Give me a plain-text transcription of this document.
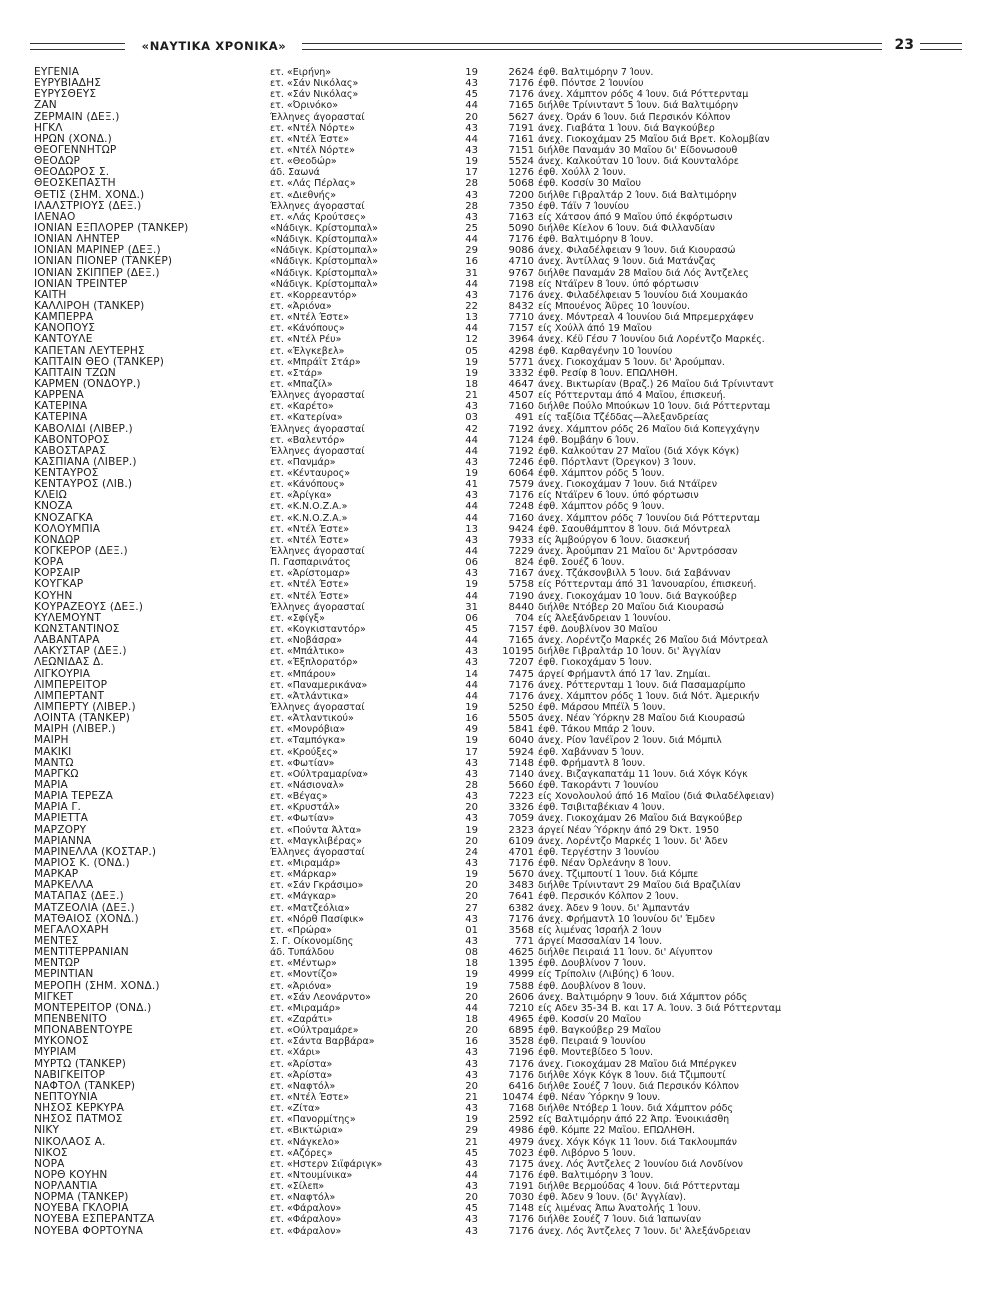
«ΝΑΥΤΙΚΑ ΧΡΟΝΙΚΑ»	23
ΕΥΓΕΝΙΑ	ετ. «Ειρήνη»	19	2624 έφθ. Βαλτιμόρην 7 Ίουν.
ΕΥΡΥΒΙΑΔΗΣ	ετ. «Σάν Νικόλας»	43	7176 έφθ. Πόντσε 2 Ίουνίου
ΕΥΡΥΣΘΕΥΣ	ετ. «Σάν Νικόλας»	45	7176 άνεχ. Χάμπτον ρόδς 4 Ίουν. διά Ρόττερνταμ
ΖΑΝ	ετ. «Όρινόκο»	44	7165 διήλθε Τρίνινταντ 5 Ίουν. διά Βαλτιμόρην
ΖΕΡΜΑΙΝ (ΔΕΞ.)	Έλληνες άγορασταί	20	5627 άνεχ. Όράν 6 Ίουν. διά Περσικόν Κόλπον
ΗΓΚΛ	ετ. «Ντέλ Νόρτε»	43	7191 άνεχ. Γιαβάτα 1 Ίουν. διά Βαγκούβερ
ΗΡΩΝ (ΧΟΝΔ.)	ετ. «Ντέλ Έστε»	44	7161 άνεχ. Γιοκοχάμαν 25 Μαΐου διά Βρετ. Κολομβίαν
ΘΕΟΓΕΝΝΗΤΩΡ	ετ. «Ντέλ Νόρτε»	43	7151 διήλθε Παναμάν 30 Μαΐου δι' Είδονωσουθ
ΘΕΟΔΩΡ	ετ. «Θεοδώρ»	19	5524 άνεχ. Καλκούταν 10 Ίουν. διά Κουνταλόρε
ΘΕΟΔΩΡΟΣ Σ.	άδ. Σαωνά	17	1276 έφθ. Χούλλ 2 Ίουν.
ΘΕΟΣΚΕΠΑΣΤΗ	ετ. «Λάς Πέρλας»	28	5068 έφθ. Κοσσίν 30 Μαΐου
ΘΕΤΙΣ (ΣΗΜ. ΧΟΝΔ.)	ετ. «Διεθνής»	43	7200 διήλθε Γιβραλτάρ 2 Ίουν. διά Βαλτιμόρην
ΙΛΑΛΣΤΡΙΟΥΣ (ΔΕΞ.)	Έλληνες άγορασταί	28	7350 έφθ. Τάϊν 7 Ίουνίου
ΙΛΕΝΑΟ	ετ. «Λάς Κρούτσες»	43	7163 είς Χάτσον άπό 9 Μαΐου ύπό έκφόρτωσιν
ΙΟΝΙΑΝ ΕΞΠΛΟΡΕΡ (ΤΆΝΚΕΡ)	«Νάδιγκ. Κρίστομπαλ»	25	5090 διήλθε Κίελον 6 Ίουν. διά Φιλλανδίαν
ΙΟΝΙΑΝ ΛΗΝΤΕΡ	«Νάδιγκ. Κρίστομπαλ»	44	7176 έφθ. Βαλτιμόρην 8 Ίουν.
ΙΟΝΙΑΝ ΜΑΡΙΝΕΡ (ΔΕΞ.)	«Νάδιγκ. Κρίστομπαλ»	29	9086 άνεχ. Φιλαδέλφειαν 9 Ίουν. διά Κιουρασώ
ΙΟΝΙΑΝ ΠΙΟΝΕΡ (ΤΆΝΚΕΡ)	«Νάδιγκ. Κρίστομπαλ»	16	4710 άνεχ. Άντίλλας 9 Ίουν. διά Ματάνζας
ΙΟΝΙΑΝ ΣΚΙΠΠΕΡ (ΔΕΞ.)	«Νάδιγκ. Κρίστομπαλ»	31	9767 διήλθε Παναμάν 28 Μαΐου διά Λός Άντζελες
ΙΟΝΙΑΝ ΤΡΕΪΝΤΕΡ	«Νάδιγκ. Κρίστομπαλ»	44	7198 είς Ντάϊρεν 8 Ίουν. ύπό φόρτωσιν
ΚΑΙΤΗ	ετ. «Κορρεαντόρ»	43	7176 άνεχ. Φιλαδέλφειαν 5 Ίουνίου διά Χουμακάο
ΚΑΛΛΙΡΟΗ (ΤΆΝΚΕΡ)	ετ. «Άριόνα»	22	8432 είς Μπουένος Άϋρες 10 Ίουνίου.
ΚΑΜΠΕΡΡΑ	ετ. «Ντέλ Έστε»	13	7710 άνεχ. Μόντρεαλ 4 Ίουνίου διά Μπρεμερχάφεν
ΚΑΝΟΠΟΥΣ	ετ. «Κάνόπους»	44	7157 είς Χούλλ άπό 19 Μαΐου
ΚΑΝΤΟΥΛΕ	ετ. «Ντέλ Ρέυ»	12	3964 άνεχ. Κέϋ Γέσυ 7 Ίουνίου διά Λορέντζο Μαρκές.
ΚΑΠΕΤΑΝ ΛΕΥΤΕΡΗΣ	ετ. «Έλγκεβελ»	05	4298 έφθ. Καρθαγένην 10 Ίουνίου
ΚΑΠΤΑΙΝ ΘΕΟ (ΤΆΝΚΕΡ)	ετ. «Μπράϊτ Στάρ»	19	5771 άνεχ. Γιοκοχάμαν 5 Ίουν. δι' Άρούμπαν.
ΚΑΠΤΑΙΝ ΤΖΩΝ	ετ. «Στάρ»	19	3332 έφθ. Ρεσίφ 8 Ίουν. ΕΠΩΛΗΘΗ.
ΚΑΡΜΕΝ (ΌΝΔΟΥΡ.)	ετ. «Μπαζίλ»	18	4647 άνεχ. Βικτωρίαν (Βραζ.) 26 Μαΐου διά Τρίνινταντ
ΚΑΡΡΕΝΑ	Έλληνες άγορασταί	21	4507 είς Ρόττερνταμ άπό 4 Μαΐου, έπισκευή.
ΚΑΤΕΡΙΝΑ	ετ. «Καρέτο»	43	7160 διήλθε Πούλο Μπούκων 10 Ίουν. διά Ρόττερνταμ
ΚΑΤΕΡΙΝΑ	ετ. «Κατερίνα»	03	491 είς ταξίδια Τζέδδας—Άλεξανδρείας
ΚΑΒΟΛΙΔΙ (ΛΙΒΕΡ.)	Έλληνες άγορασταί	42	7192 άνεχ. Χάμπτον ρόδς 26 Μαΐου διά Κοπεγχάγην
ΚΑΒΟΝΤΟΡΟΣ	ετ. «Βαλεντόρ»	44	7124 έφθ. Βομβάην 6 Ίουν.
ΚΑΒΟΣΤΑΡΑΣ	Έλληνες άγορασταί	44	7192 έφθ. Καλκούταν 27 Μαΐου (διά Χόγκ Κόγκ)
ΚΑΣΠΙΑΝΑ (ΛΙΒΕΡ.)	ετ. «Πανμάρ»	43	7246 έφθ. Πόρτλαντ (Όρεγκον) 3 Ίουν.
ΚΕΝΤΑΥΡΟΣ	ετ. «Κένταυρος»	19	6064 έφθ. Χάμπτον ρόδς 5 Ίουν.
ΚΕΝΤΑΥΡΟΣ (ΛΙΒ.)	ετ. «Κάνόπους»	41	7579 άνεχ. Γιοκοχάμαν 7 Ίουν. διά Ντάϊρεν
ΚΛΕΙΩ	ετ. «Άρίγκα»	43	7176 είς Ντάϊρεν 6 Ίουν. ύπό φόρτωσιν
ΚΝΟΖΑ	ετ. «Κ.Ν.Ο.Ζ.Α.»	44	7248 έφθ. Χάμπτον ρόδς 9 Ίουν.
ΚΝΟΖΑΓΚΑ	ετ. «Κ.Ν.Ο.Ζ.Α.»	44	7160 άνεχ. Χάμπτον ρόδς 7 Ίουνίου διά Ρόττερνταμ
ΚΟΛΟΥΜΠΙΑ	ετ. «Ντέλ Έστε»	13	9424 έφθ. Σαουθάμπτον 8 Ίουν. διά Μόντρεαλ
ΚΟΝΔΩΡ	ετ. «Ντέλ Έστε»	43	7933 είς Άμβούργον 6 Ίουν. διασκευή
ΚΟΓΚΕΡΟΡ (ΔΕΞ.)	Έλληνες άγορασταί	44	7229 άνεχ. Άρούμπαν 21 Μαΐου δι' Άρντρόσσαν
ΚΟΡΑ	Π. Γασπαρινάτος	06	824 έφθ. Σουέζ 6 Ίουν.
ΚΟΡΣΑΪΡ	ετ. «Άρίστομαρ»	43	7167 άνεχ. Τζάκσονβιλλ 5 Ίουν. διά Σαβάνναν
ΚΟΥΓΚΑΡ	ετ. «Ντέλ Έστε»	19	5758 είς Ρόττερνταμ άπό 31 Ίανουαρίου, έπισκευή.
ΚΟΥΗΝ	ετ. «Ντέλ Έστε»	44	7190 άνεχ. Γιοκοχάμαν 10 Ίουν. διά Βαγκούβερ
ΚΟΥΡΑΖΕΟΥΣ (ΔΕΞ.)	Έλληνες άγορασταί	31	8440 διήλθε Ντόβερ 20 Μαΐου διά Κιουρασώ
ΚΥΛΕΜΟΥΝΤ	ετ. «Σφίγξ»	06	704 είς Άλεξάνδρειαν 1 Ίουνίου.
ΚΩΝΣΤΑΝΤΙΝΟΣ	ετ. «Κογκισταντόρ»	45	7157 έφθ. Δουβλίνον 30 Μαΐου
ΛΑΒΑΝΤΑΡΑ	ετ. «Νοβάσρα»	44	7165 άνεχ. Λορέντζο Μαρκές 26 Μαΐου διά Μόντρεαλ
ΛΑΚΥΣΤΑΡ (ΔΕΞ.)	ετ. «Μπάλτικο»	43	10195 διήλθε Γιβραλτάρ 10 Ίουν. δι' Άγγλίαν
ΛΕΩΝΙΔΑΣ Δ.	ετ. «Έξπλορατόρ»	43	7207 έφθ. Γιοκοχάμαν 5 Ίουν.
ΛΙΓΚΟΥΡΙΑ	ετ. «Μπάρου»	14	7475 άργεί Φρήμαντλ άπό 17 Ίαν. Ζημίαι.
ΛΙΜΠΕΡΕΪΤΟΡ	ετ. «Παναμερικάνα»	44	7176 άνεχ. Ρόττερνταμ 1 Ίουν. διά Πασαμαρίμπο
ΛΙΜΠΕΡΤΑΝΤ	ετ. «Άτλάντικα»	44	7176 άνεχ. Χάμπτον ρόδς 1 Ίουν. διά Νότ. Άμερικήν
ΛΙΜΠΕΡΤΥ (ΛΙΒΕΡ.)	Έλληνες άγορασταί	19	5250 έφθ. Μάρσου Μπέϊλ 5 Ίουν.
ΛΟΪΝΤΑ (ΤΆΝΚΕΡ)	ετ. «Άτλαντικού»	16	5505 άνεχ. Νέαν Ύόρκην 28 Μαΐου διά Κιουρασώ
ΜΑΙΡΗ (ΛΙΒΕΡ.)	ετ. «Μονρόβια»	49	5841 έφθ. Τάκου Μπάρ 2 Ίουν.
ΜΑΙΡΗ	ετ. «Ταμπόγκα»	19	6040 άνεχ. Ρίον Ίανέϊρον 2 Ίουν. διά Μόμπιλ
ΜΑΚΙΚΙ	ετ. «Κρούξες»	17	5924 έφθ. Χαβάνναν 5 Ίουν.
ΜΑΝΤΩ	ετ. «Φωτίαν»	43	7148 έφθ. Φρήμαντλ 8 Ίουν.
ΜΑΡΓΚΩ	ετ. «Ούλτραμαρίνα»	43	7140 άνεχ. Βιζαγκαπατάμ 11 Ίουν. διά Χόγκ Κόγκ
ΜΑΡΙΑ	ετ. «Νάσιοναλ»	28	5660 έφθ. Τακοράντι 7 Ίουνίου
ΜΑΡΙΑ ΤΕΡΕΖΑ	ετ. «Βέγας»	43	7223 είς Χονολουλού άπό 16 Μαΐου (διά Φιλαδέλφειαν)
ΜΑΡΙΑ Γ.	ετ. «Κρυστάλ»	20	3326 έφθ. Τσιβιταβέκιαν 4 Ίουν.
ΜΑΡΙΕΤΤΑ	ετ. «Φωτίαν»	43	7059 άνεχ. Γιοκοχάμαν 26 Μαΐου διά Βαγκούβερ
ΜΑΡΖΟΡΥ	ετ. «Πούντα Άλτα»	19	2323 άργεί Νέαν Ύόρκην άπό 29 Όκτ. 1950
ΜΑΡΙΑΝΝΑ	ετ. «Μαγκλιβέρας»	20	6109 άνεχ. Λορέντζο Μαρκές 1 Ίουν. δι' Άδεν
ΜΑΡΙΝΕΛΛΑ (ΚΟΣΤΑΡ.)	Έλληνες άγορασταί	24	4701 έφθ. Τεργέστην 3 Ίουνίου
ΜΑΡΙΟΣ Κ. (ΌΝΔ.)	ετ. «Μιραμάρ»	43	7176 έφθ. Νέαν Όρλεάνην 8 Ίουν.
ΜΑΡΚΑΡ	ετ. «Μάρκαρ»	19	5670 άνεχ. Τζιμπουτί 1 Ίουν. διά Κόμπε
ΜΑΡΚΕΛΛΑ	ετ. «Σάν Γκράσιμο»	20	3483 διήλθε Τρίνινταντ 29 Μαΐου διά Βραζιλίαν
ΜΑΤΑΠΑΣ (ΔΕΞ.)	ετ. «Μάγκαρ»	20	7641 έφθ. Περσικόν Κόλπον 2 Ίουν.
ΜΑΤΖΕΟΛΙΑ (ΔΕΞ.)	ετ. «Ματζεόλια»	27	6382 άνεχ. Άδεν 9 Ίουν. δι' Άμπαντάν
ΜΑΤΘΑΙΟΣ (ΧΟΝΔ.)	ετ. «Νόρθ Πασίφικ»	43	7176 άνεχ. Φρήμαντλ 10 Ίουνίου δι' Έμδεν
ΜΕΓΑΛΟΧΑΡΗ	ετ. «Πρώρα»	01	3568 είς λιμένας Ίσραήλ 2 Ίουν
ΜΕΝΤΕΣ	Σ. Γ. Οίκονομίδης	43	771 άργεί Μασσαλίαν 14 Ίουν.
ΜΕΝΤΙΤΕΡΡΑΝΙΑΝ	άδ. Τυπάλδου	08	4625 διήλθε Πειραιά 11 Ίουν. δι' Αίγυπτον
ΜΕΝΤΩΡ	ετ. «Μέντωρ»	18	1395 έφθ. Δουβλίνον 7 Ίουν.
ΜΕΡΙΝΤΙΑΝ	ετ. «Μοντίζο»	19	4999 είς Τρίπολιν (Λιβύης) 6 Ίουν.
ΜΕΡΟΠΗ (ΣΗΜ. ΧΟΝΔ.)	ετ. «Άριόνα»	19	7588 έφθ. Δουβλίνον 8 Ίουν.
ΜΙΓΚΕΤ	ετ. «Σάν Λεονάρντο»	20	2606 άνεχ. Βαλτιμόρην 9 Ίουν. διά Χάμπτον ρόδς
ΜΟΝΤΕΡΕΪΤΟΡ (ΌΝΔ.)	ετ. «Μιραμάρ»	44	7210 είς Αδεν 35-34 Β. και 17 Α. Ίουν. 3 διά Ρόττερνταμ
ΜΠΕΝΒΕΝΙΤΟ	ετ. «Ζαράτι»	18	4965 έφθ. Κοσσίν 20 Μαΐου
ΜΠΟΝΑΒΕΝΤΟΥΡΕ	ετ. «Ούλτραμάρε»	20	6895 έφθ. Βαγκούβερ 29 Μαΐου
ΜΥΚΟΝΟΣ	ετ. «Σάντα Βαρβάρα»	16	3528 έφθ. Πειραιά 9 Ίουνίου
ΜΥΡΙΑΜ	ετ. «Χάρι»	43	7196 έφθ. Μοντεβίδεο 5 Ίουν.
ΜΥΡΤΩ (ΤΆΝΚΕΡ)	ετ. «Άρίστα»	43	7176 άνεχ. Γιοκοχάμαν 28 Μαΐου διά Μπέργκεν
ΝΑΒΙΓΚΕΪΤΟΡ	ετ. «Άρίστα»	43	7176 διήλθε Χόγκ Κόγκ 8 Ίουν. διά Τζιμπουτί
ΝΑΦΤΟΛ (ΤΆΝΚΕΡ)	ετ. «Ναφτόλ»	20	6416 διήλθε Σουέζ 7 Ίουν. διά Περσικόν Κόλπον
ΝΕΠΤΟΥΝΙΑ	ετ. «Ντέλ Έστε»	21	10474 έφθ. Νέαν Ύόρκην 9 Ίουν.
ΝΗΣΟΣ ΚΕΡΚΥΡΑ	ετ. «Ζίτα»	43	7168 διήλθε Ντόβερ 1 Ίουν. διά Χάμπτον ρόδς
ΝΗΣΟΣ ΠΑΤΜΟΣ	ετ. «Πανορμίτης»	19	2592 είς Βαλτιμόρην άπό 22 Άπρ. Ένοικιάσθη
ΝΙΚΥ	ετ. «Βικτώρια»	29	4986 έφθ. Κόμπε 22 Μαΐου. ΕΠΩΛΗΘΗ.
ΝΙΚΟΛΑΟΣ Α.	ετ. «Νάγκελο»	21	4979 άνεχ. Χόγκ Κόγκ 11 Ίουν. διά Τακλουμπάν
ΝΙΚΟΣ	ετ. «Αζόρες»	45	7023 έφθ. Λιβόρνο 5 Ίουν.
ΝΟΡΑ	ετ. «Ηστερν Σιϊφάριγκ»	43	7175 άνεχ. Λός Άντζελες 2 Ίουνίου διά Λονδίνον
ΝΟΡΘ ΚΟΥΗΝ	ετ. «Ντουμίνικα»	44	7176 έφθ. Βαλτιμόρην 3 Ίουν.
ΝΟΡΛΑΝΤΙΑ	ετ. «Σίλεπ»	43	7191 διήλθε Βερμούδας 4 Ίουν. διά Ρόττερνταμ
ΝΟΡΜΑ (ΤΆΝΚΕΡ)	ετ. «Ναφτόλ»	20	7030 έφθ. Άδεν 9 Ίουν. (δι' Άγγλίαν).
ΝΟΥΕΒΑ ΓΚΛΟΡΙΑ	ετ. «Φάραλον»	45	7148 είς λιμένας Άπω Άνατολής 1 Ίουν.
ΝΟΥΕΒΑ ΕΣΠΕΡΑΝΤΖΑ	ετ. «Φάραλον»	43	7176 διήλθε Σουέζ 7 Ίουν. διά Ίαπωνίαν
ΝΟΥΕΒΑ ΦΟΡΤΟΥΝΑ	ετ. «Φάραλον»	43	7176 άνεχ. Λός Άντζελες 7 Ίουν. δι' Άλεξάνδρειαν
